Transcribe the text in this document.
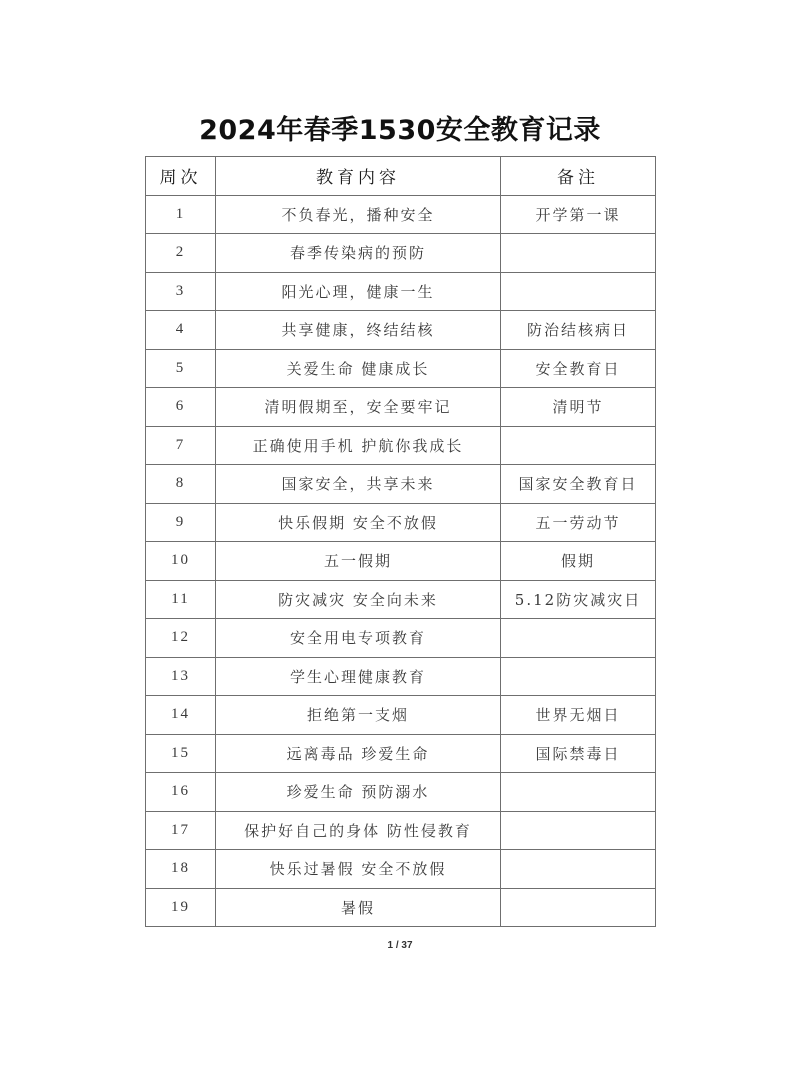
2024年春季1530安全教育记录
周次	教育内容	备注
1	不负春光，播种安全	开学第一课
2	春季传染病的预防	
3	阳光心理，健康一生	
4	共享健康，终结结核	防治结核病日
5	关爱生命 健康成长	安全教育日
6	清明假期至，安全要牢记	清明节
7	正确使用手机 护航你我成长	
8	国家安全，共享未来	国家安全教育日
9	快乐假期 安全不放假	五一劳动节
10	五一假期	假期
11	防灾减灾 安全向未来	5.12防灾减灾日
12	安全用电专项教育	
13	学生心理健康教育	
14	拒绝第一支烟	世界无烟日
15	远离毒品 珍爱生命	国际禁毒日
16	珍爱生命 预防溺水	
17	保护好自己的身体 防性侵教育	
18	快乐过暑假 安全不放假	
19	暑假	
1 / 37
